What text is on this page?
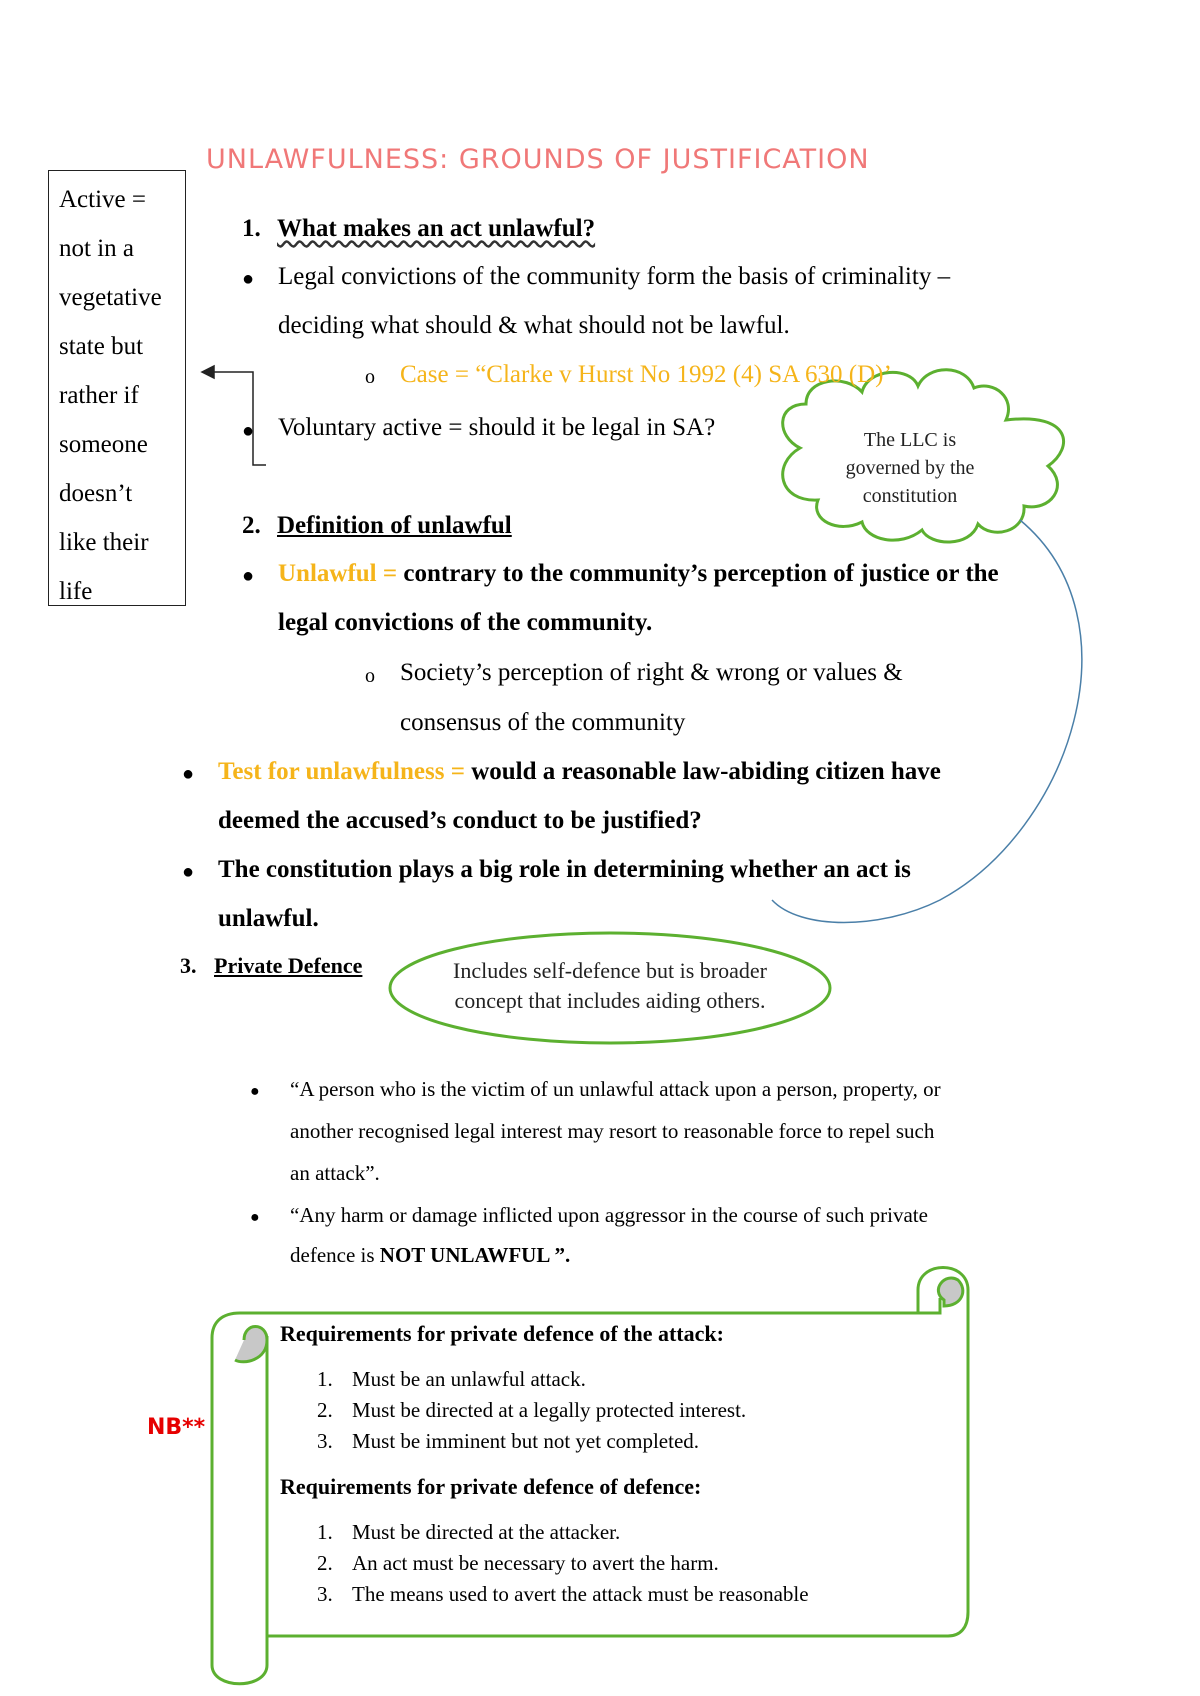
UNLAWFULNESS: GROUNDS OF JUSTIFICATION
Active =
not in a
vegetative
state but
rather if
someone
doesn’t
like their
life
1. What makes an act unlawful?
● Legal convictions of the community form the basis of criminality –
deciding what should & what should not be lawful.
o Case = “Clarke v Hurst No 1992 (4) SA 630 (D)’
● Voluntary active = should it be legal in SA?	The LLC is
governed by the
constitution
2. Definition of unlawful
● Unlawful = contrary to the community’s perception of justice or the
legal convictions of the community.
o Society’s perception of right & wrong or values &
consensus of the community
● Test for unlawfulness = would a reasonable law-abiding citizen have
deemed the accused’s conduct to be justified?
● The constitution plays a big role in determining whether an act is
unlawful.
3. Private Defence	Includes self-defence but is broader
concept that includes aiding others.
● “A person who is the victim of un unlawful attack upon a person, property, or
another recognised legal interest may resort to reasonable force to repel such
an attack”.
● “Any harm or damage inflicted upon aggressor in the course of such private
defence is NOT UNLAWFUL ”.
NB**
Requirements for private defence of the attack:
1. Must be an unlawful attack.
2. Must be directed at a legally protected interest.
3. Must be imminent but not yet completed.
Requirements for private defence of defence:
1. Must be directed at the attacker.
2. An act must be necessary to avert the harm.
3. The means used to avert the attack must be reasonable
